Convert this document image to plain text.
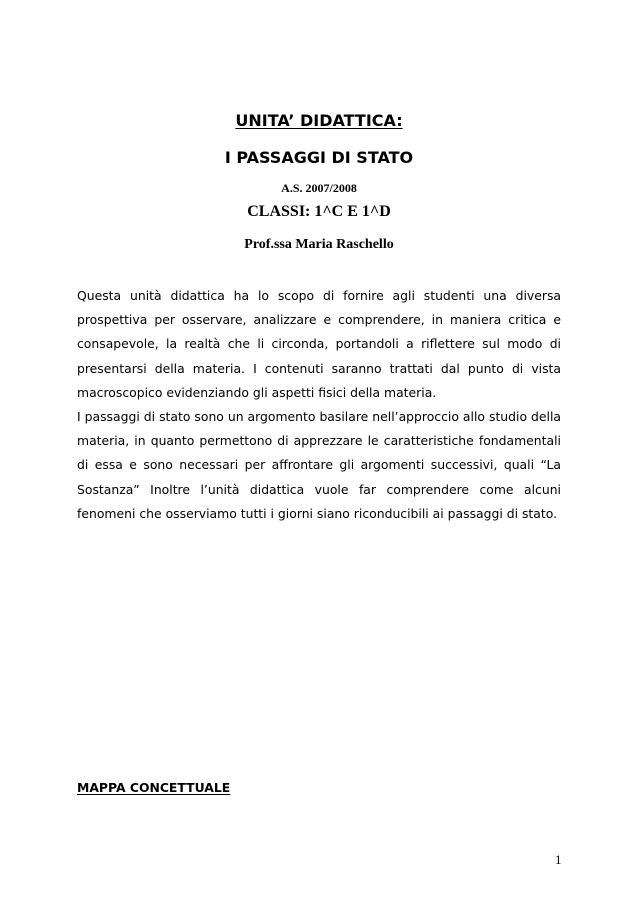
UNITA’ DIDATTICA:
I PASSAGGI DI STATO
A.S. 2007/2008
CLASSI: 1^C E 1^D
Prof.ssa Maria Raschello

Questa unità didattica ha lo scopo di fornire agli studenti una diversa prospettiva per osservare, analizzare e comprendere, in maniera critica e consapevole, la realtà che li circonda, portandoli a riflettere sul modo di presentarsi della materia. I contenuti saranno trattati dal punto di vista macroscopico evidenziando gli aspetti fisici della materia.

I passaggi di stato sono un argomento basilare nell’approccio allo studio della materia, in quanto permettono di apprezzare le caratteristiche fondamentali di essa e sono necessari per affrontare gli argomenti successivi, quali “La Sostanza” Inoltre l’unità didattica vuole far comprendere come alcuni fenomeni che osserviamo tutti i giorni siano riconducibili ai passaggi di stato.

MAPPA CONCETTUALE
1
